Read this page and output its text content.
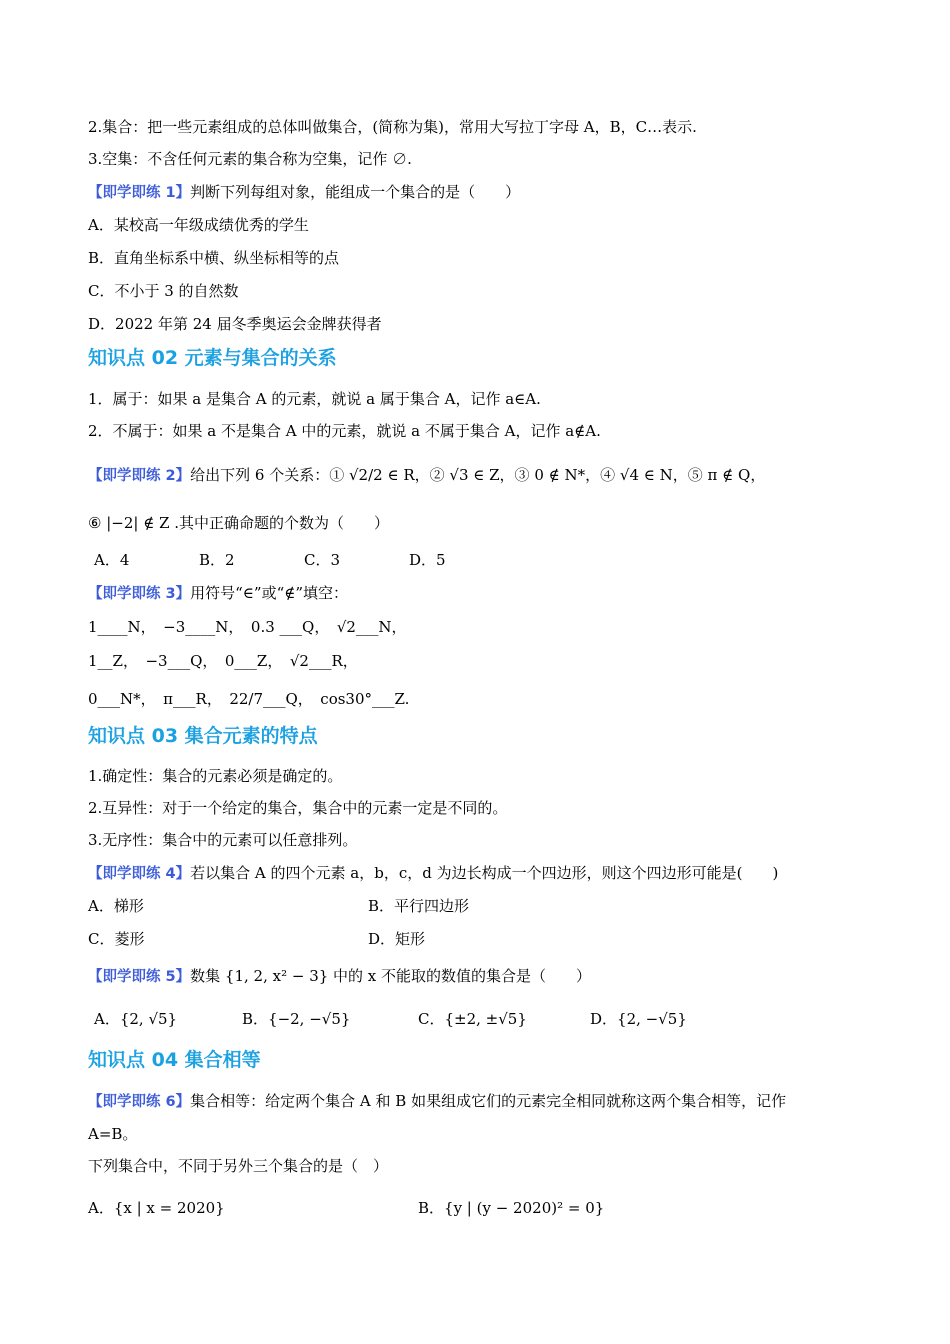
2.集合：把一些元素组成的总体叫做集合，(简称为集)，常用大写拉丁字母 A，B，C…表示.
3.空集：不含任何元素的集合称为空集，记作 ∅.
【即学即练 1】判断下列每组对象，能组成一个集合的是（　　）
A．某校高一年级成绩优秀的学生
B．直角坐标系中横、纵坐标相等的点
C．不小于 3 的自然数
D．2022 年第 24 届冬季奥运会金牌获得者
知识点 02 元素与集合的关系
1．属于：如果 a 是集合 A 的元素，就说 a 属于集合 A，记作 a∈A.
2．不属于：如果 a 不是集合 A 中的元素，就说 a 不属于集合 A，记作 a∉A.
【即学即练 2】给出下列 6 个关系：① √2/2 ∈ R，② √3 ∈ Z，③ 0 ∉ N*，④ √4 ∈ N，⑤ π ∉ Q，
⑥ |−2| ∉ Z .其中正确命题的个数为（　　）
A．4	B．2	C．3	D．5
【即学即练 3】用符号“∈”或“∉”填空：
1____N，　−3____N，　0.3 ___Q，　√2___N，
1__Z，　−3___Q，　0___Z，　√2___R，
0___N*，　π___R，　22/7___Q，　cos30°___Z.
知识点 03 集合元素的特点
1.确定性：集合的元素必须是确定的。
2.互异性：对于一个给定的集合，集合中的元素一定是不同的。
3.无序性：集合中的元素可以任意排列。
【即学即练 4】若以集合 A 的四个元素 a，b，c，d 为边长构成一个四边形，则这个四边形可能是(　　)
A．梯形	B．平行四边形
C．菱形	D．矩形
【即学即练 5】数集 {1, 2, x² − 3} 中的 x 不能取的数值的集合是（　　）
A．{2, √5}	B．{−2, −√5}	C．{±2, ±√5}	D．{2, −√5}
知识点 04 集合相等
【即学即练 6】集合相等：给定两个集合 A 和 B 如果组成它们的元素完全相同就称这两个集合相等，记作
A=B。
下列集合中，不同于另外三个集合的是（　）
A．{x | x = 2020}	B．{y | (y − 2020)² = 0}
